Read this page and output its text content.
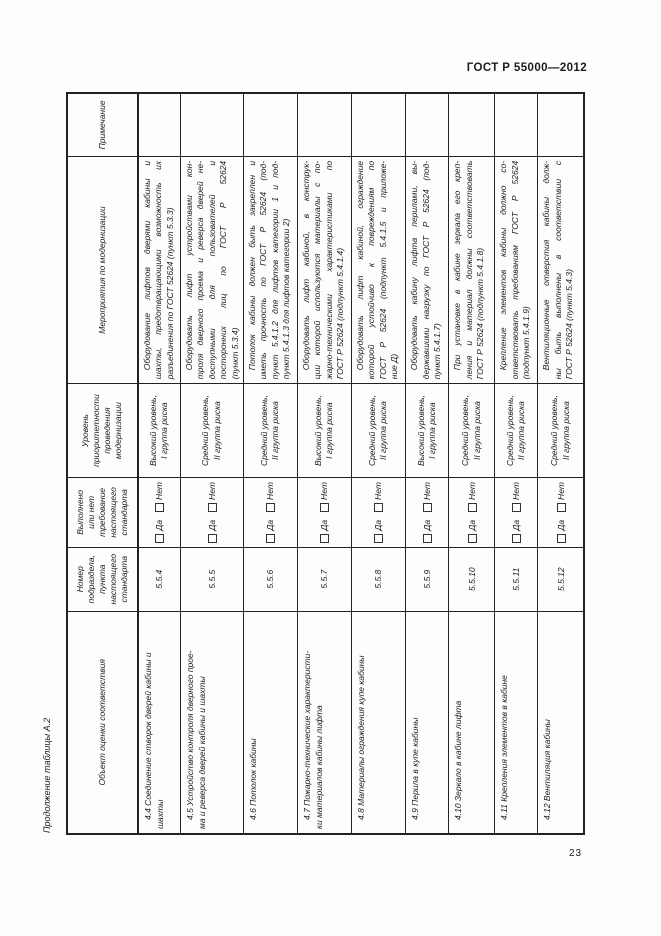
ГОСТ Р 55000—2012
23
Продолжение таблицы А.2	Объект оценки соответствия
Номер подраздела, пункта настоящего стандарта
Выполнено или нет требование настоящего стандарта
Уровень приоритетности проведения модернизации
Мероприятия по модернизации
Примечание
4.4 Соединение створок дверей кабины и шахты
5.5.4
Да
Нет
Высокий уровень, I группа риска
Оборудование лифтов дверями кабины и шахты, предотвращающими возможность их разъединения по ГОСТ 52624 (пункт 5.3.3)
4.5 Устройство контроля дверного прое- ма и реверса дверей кабины и шахты
5.5.5
Да
Нет
Средний уровень, II группа риска
Оборудовать лифт устройствами кон- троля дверного проема и реверса дверей не- доступными для пользователей и посторонних лиц по ГОСТ Р 52624 (пункт 5.3.4)
4.6 Потолок кабины
5.5.6
Да
Нет
Средний уровень, II группа риска
Потолок кабины должен быть закреплен и иметь прочность по ГОСТ Р 52624 (под- пункт 5.4.1.2 для лифтов категории 1 и под- пункт 5.4.1.3 для лифтов категории 2)
4.7 Пожарно-технические характеристи- ки материалов кабины лифта
5.5.7
Да
Нет
Высокий уровень, I группа риска
Оборудовать лифт кабиной, в конструк- ции которой используются материалы с по- жарно-техническими характеристиками по ГОСТ Р 52624 (подпункт 5.4.1.4)
4.8 Материалы ограждения купе кабины
5.5.8
Да
Нет
Средний уровень, II группа риска
Оборудовать лифт кабиной, ограждение которой устойчиво к повреждениям по ГОСТ Р 52624 (подпункт 5.4.1.5 и приложе- ние Д)
4.9 Перила в купе кабины
5.5.9
Да
Нет
Высокий уровень, I группа риска
Оборудовать кабину лифта перилами, вы- державшими нагрузку по ГОСТ Р 52624 (под- пункт 5.4.1.7)
4.10 Зеркало в кабине лифта
5.5.10
Да
Нет
Средний уровень, II группа риска
При установке в кабине зеркала его креп- ления и материал должны соответствовать ГОСТ Р 52624 (подпункт 5.4.1.8)
4.11 Крепления элементов в кабине
5.5.11
Да
Нет
Средний уровень, II группа риска
Крепление элементов кабины должно со- ответствовать требованиям ГОСТ Р 52624 (подпункт 5.4.1.9)
4.12 Вентиляция кабины
5.5.12
Да
Нет
Средний уровень, II группа риска
Вентиляционные отверстия кабины долж- ны быть выполнены в соответствии с ГОСТ Р 52624 (пункт 5.4.3)
